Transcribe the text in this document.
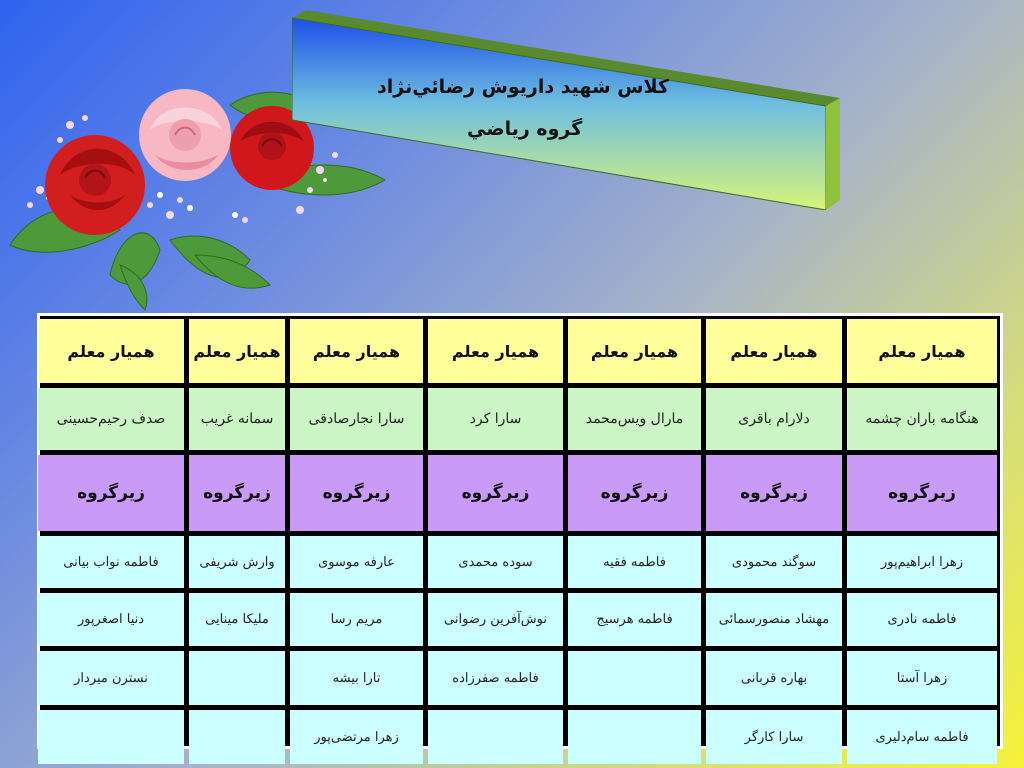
كلاس شهيد داريوش رضائي‌نژاد
گروه رياضي
همیار معلم
همیار معلم
همیار معلم
همیار معلم
همیار معلم
همیار معلم
همیار معلم
هنگامه باران چشمه
دلارام باقری
مارال ویس‌محمد
سارا کرد
سارا نجارصادقی
سمانه غریب
صدف رحیم‌حسینی
زیرگروه
زیرگروه
زیرگروه
زیرگروه
زیرگروه
زیرگروه
زیرگروه
زهرا ابراهیم‌پور
سوگند محمودی
فاطمه فقیه
سوده محمدی
عارفه موسوی
وارش شریفی
فاطمه نواب بیانی
فاطمه نادری
مهشاد منصورسمائی
فاطمه هرسیج
نوش‌آفرین رضوانی
مریم رسا
ملیکا مینایی
دنیا اصغرپور
زهرا آستا
بهاره قربانی
فاطمه صفرزاده
تارا بیشه
نسترن میردار
فاطمه سام‌دلیری
سارا کارگر
زهرا مرتضی‌پور
